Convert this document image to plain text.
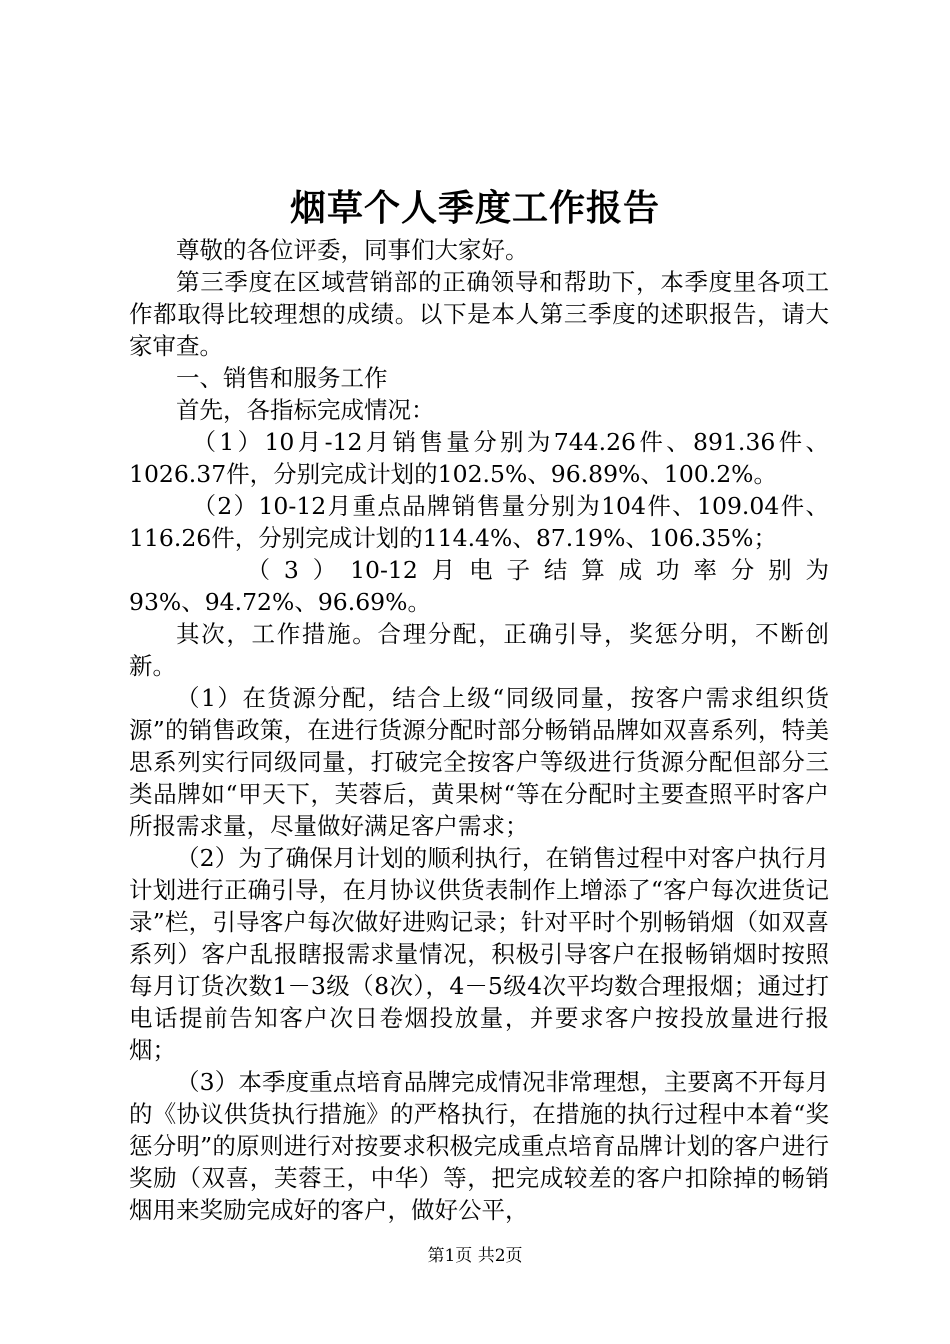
烟草个人季度工作报告

尊敬的各位评委，同事们大家好。

第三季度在区域营销部的正确领导和帮助下，本季度里各项工作都取得比较理想的成绩。以下是本人第三季度的述职报告，请大家审查。

一、销售和服务工作

首先，各指标完成情况：

（1）10月-12月销售量分别为744.26件、891.36件、1026.37件，分别完成计划的102.5%、96.89%、100.2%。

（2）10-12月重点品牌销售量分别为104件、109.04件、116.26件，分别完成计划的114.4%、87.19%、106.35%；

（3）10-12月电子结算成功率分别为

93%、94.72%、96.69%。

其次，工作措施。合理分配，正确引导，奖惩分明，不断创新。

（1）在货源分配，结合上级“同级同量，按客户需求组织货源”的销售政策，在进行货源分配时部分畅销品牌如双喜系列，特美思系列实行同级同量，打破完全按客户等级进行货源分配但部分三类品牌如“甲天下，芙蓉后，黄果树“等在分配时主要查照平时客户所报需求量，尽量做好满足客户需求；

（2）为了确保月计划的顺利执行，在销售过程中对客户执行月计划进行正确引导，在月协议供货表制作上增添了“客户每次进货记录”栏，引导客户每次做好进购记录；针对平时个别畅销烟（如双喜系列）客户乱报瞎报需求量情况，积极引导客户在报畅销烟时按照每月订货次数1－3级（8次），4－5级4次平均数合理报烟；通过打电话提前告知客户次日卷烟投放量，并要求客户按投放量进行报烟；

（3）本季度重点培育品牌完成情况非常理想，主要离不开每月的《协议供货执行措施》的严格执行，在措施的执行过程中本着“奖惩分明”的原则进行对按要求积极完成重点培育品牌计划的客户进行奖励（双喜，芙蓉王，中华）等，把完成较差的客户扣除掉的畅销烟用来奖励完成好的客户，做好公平，

第1页 共2页
